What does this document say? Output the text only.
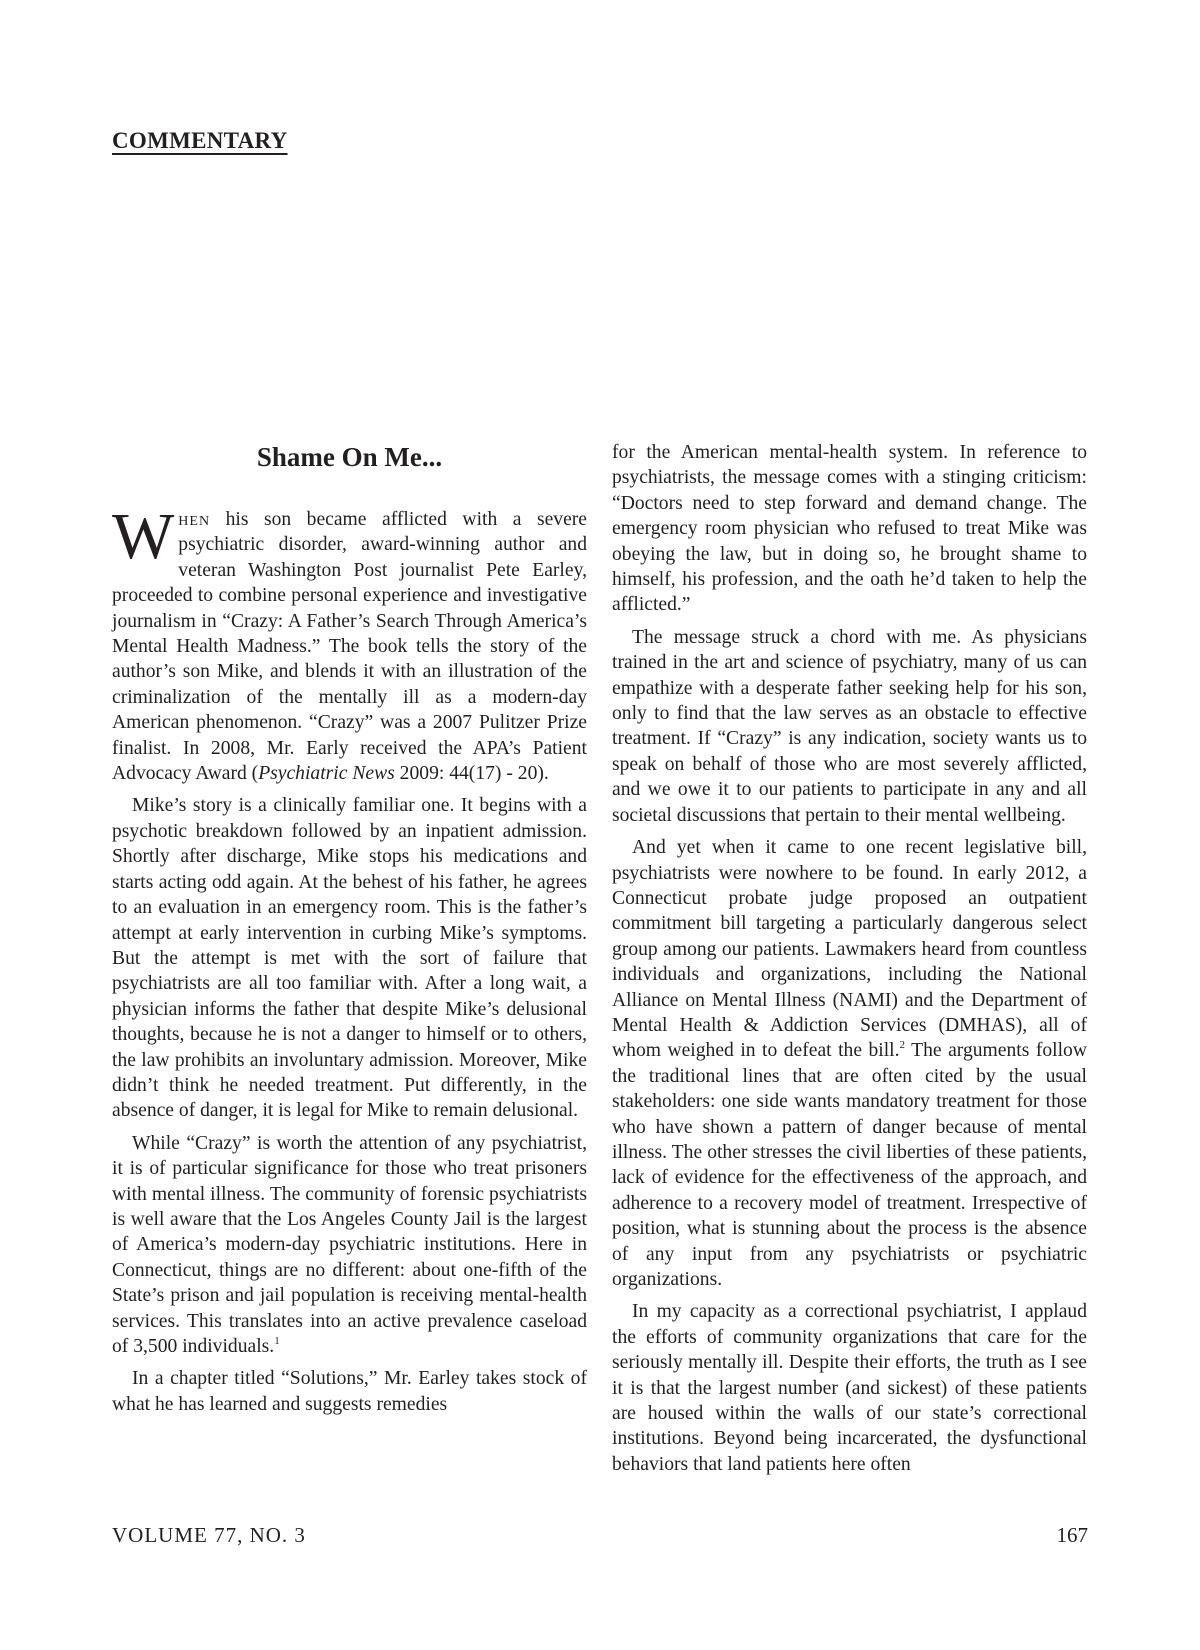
COMMENTARY
Shame On Me...

When his son became afflicted with a severe psychiatric disorder, award-winning author and veteran Washington Post journalist Pete Earley, proceeded to combine personal experience and investigative journalism in “Crazy: A Father’s Search Through America’s Mental Health Madness.” The book tells the story of the author’s son Mike, and blends it with an illustration of the criminalization of the mentally ill as a modern-day American phenomenon. “Crazy” was a 2007 Pulitzer Prize finalist. In 2008, Mr. Early received the APA’s Patient Advocacy Award (Psychiatric News 2009: 44(17) - 20).

Mike’s story is a clinically familiar one. It begins with a psychotic breakdown followed by an inpatient admission. Shortly after discharge, Mike stops his medications and starts acting odd again. At the behest of his father, he agrees to an evaluation in an emergency room. This is the father’s attempt at early intervention in curbing Mike’s symptoms. But the attempt is met with the sort of failure that psychiatrists are all too familiar with. After a long wait, a physician informs the father that despite Mike’s delusional thoughts, because he is not a danger to himself or to others, the law prohibits an involuntary admission. Moreover, Mike didn’t think he needed treatment. Put differently, in the absence of danger, it is legal for Mike to remain delusional.

While “Crazy” is worth the attention of any psychiatrist, it is of particular significance for those who treat prisoners with mental illness. The community of forensic psychiatrists is well aware that the Los Angeles County Jail is the largest of America’s modern-day psychiatric institutions. Here in Connecticut, things are no different: about one-fifth of the State’s prison and jail population is receiving mental-health services. This translates into an active prevalence caseload of 3,500 individuals.$^1$

In a chapter titled “Solutions,” Mr. Earley takes stock of what he has learned and suggests remedies

for the American mental-health system. In reference to psychiatrists, the message comes with a stinging criticism: “Doctors need to step forward and demand change. The emergency room physician who refused to treat Mike was obeying the law, but in doing so, he brought shame to himself, his profession, and the oath he’d taken to help the afflicted.”

The message struck a chord with me. As physicians trained in the art and science of psychiatry, many of us can empathize with a desperate father seeking help for his son, only to find that the law serves as an obstacle to effective treatment. If “Crazy” is any indication, society wants us to speak on behalf of those who are most severely afflicted, and we owe it to our patients to participate in any and all societal discussions that pertain to their mental wellbeing.

And yet when it came to one recent legislative bill, psychiatrists were nowhere to be found. In early 2012, a Connecticut probate judge proposed an outpatient commitment bill targeting a particularly dangerous select group among our patients. Lawmakers heard from countless individuals and organizations, including the National Alliance on Mental Illness (NAMI) and the Department of Mental Health & Addiction Services (DMHAS), all of whom weighed in to defeat the bill.$^2$ The arguments follow the traditional lines that are often cited by the usual stakeholders: one side wants mandatory treatment for those who have shown a pattern of danger because of mental illness. The other stresses the civil liberties of these patients, lack of evidence for the effectiveness of the approach, and adherence to a recovery model of treatment. Irrespective of position, what is stunning about the process is the absence of any input from any psychiatrists or psychiatric organizations.

In my capacity as a correctional psychiatrist, I applaud the efforts of community organizations that care for the seriously mentally ill. Despite their efforts, the truth as I see it is that the largest number (and sickest) of these patients are housed within the walls of our state’s correctional institutions. Beyond being incarcerated, the dysfunctional behaviors that land patients here often

VOLUME 77, NO. 3	167
